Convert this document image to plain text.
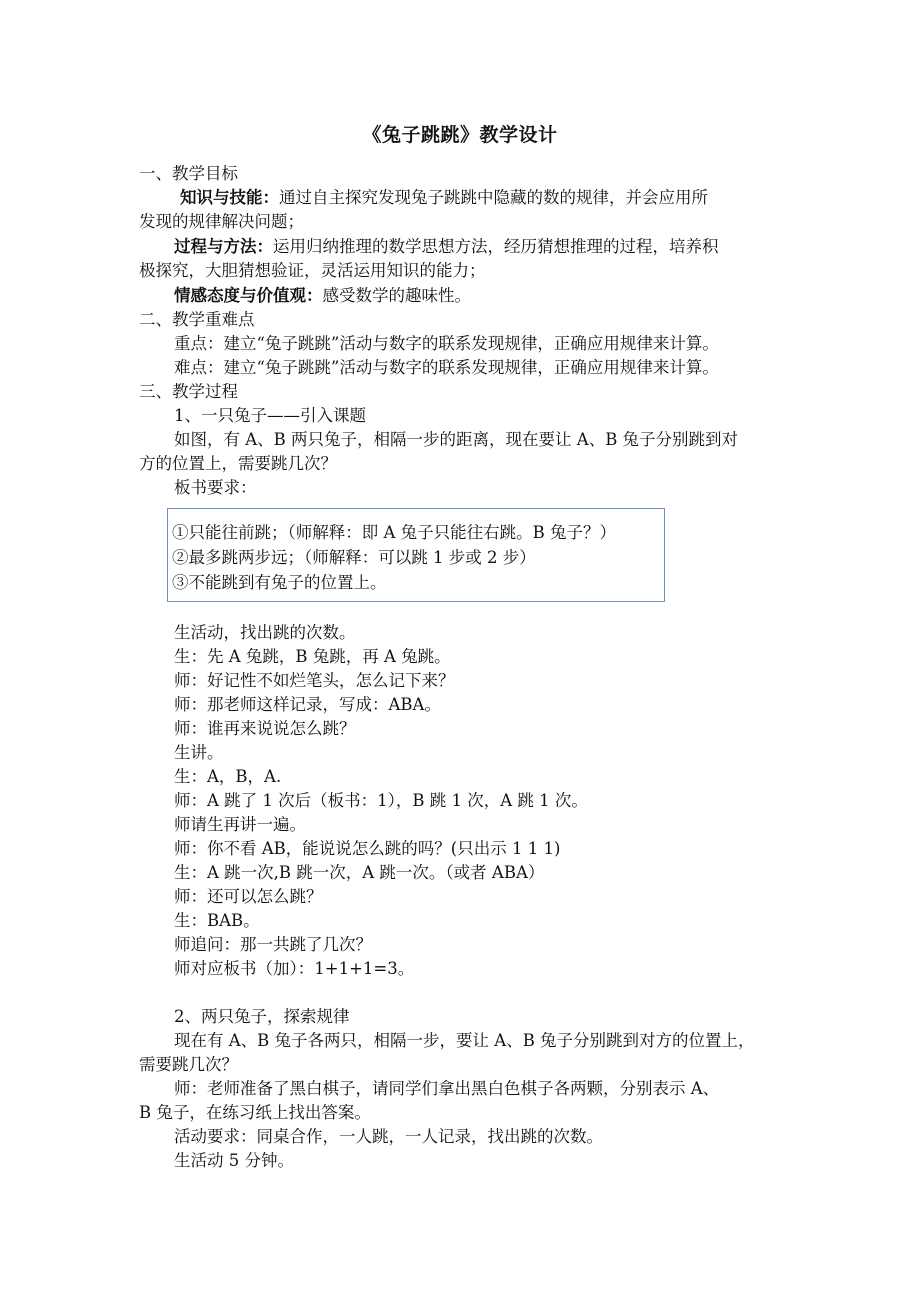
《兔子跳跳》教学设计
一、教学目标
知识与技能：通过自主探究发现兔子跳跳中隐藏的数的规律，并会应用所
发现的规律解决问题；
过程与方法：运用归纳推理的数学思想方法，经历猜想推理的过程，培养积
极探究，大胆猜想验证，灵活运用知识的能力；
情感态度与价值观：感受数学的趣味性。
二、教学重难点
重点：建立“兔子跳跳”活动与数字的联系发现规律，正确应用规律来计算。
难点：建立“兔子跳跳”活动与数字的联系发现规律，正确应用规律来计算。
三、教学过程
1、一只兔子——引入课题
如图，有 A、B 两只兔子，相隔一步的距离，现在要让 A、B 兔子分别跳到对
方的位置上，需要跳几次？
板书要求：
①只能往前跳；（师解释：即 A 兔子只能往右跳。B 兔子？）
②最多跳两步远；（师解释：可以跳 1 步或 2 步）
③不能跳到有兔子的位置上。
生活动，找出跳的次数。
生：先 A 兔跳，B 兔跳，再 A 兔跳。
师：好记性不如烂笔头，怎么记下来？
师：那老师这样记录，写成：ABA。
师：谁再来说说怎么跳？
生讲。
生：A，B，A.
师：A 跳了 1 次后（板书：1），B 跳 1 次，A 跳 1 次。
师请生再讲一遍。
师：你不看 AB，能说说怎么跳的吗？(只出示 1 1 1)
生：A 跳一次,B 跳一次，A 跳一次。（或者 ABA）
师：还可以怎么跳？
生：BAB。
师追问：那一共跳了几次？
师对应板书（加）：1+1+1=3。
2、两只兔子，探索规律
现在有 A、B 兔子各两只，相隔一步，要让 A、B 兔子分别跳到对方的位置上，
需要跳几次？
师：老师准备了黑白棋子，请同学们拿出黑白色棋子各两颗，分别表示 A、
B 兔子，在练习纸上找出答案。
活动要求：同桌合作，一人跳，一人记录，找出跳的次数。
生活动 5 分钟。
